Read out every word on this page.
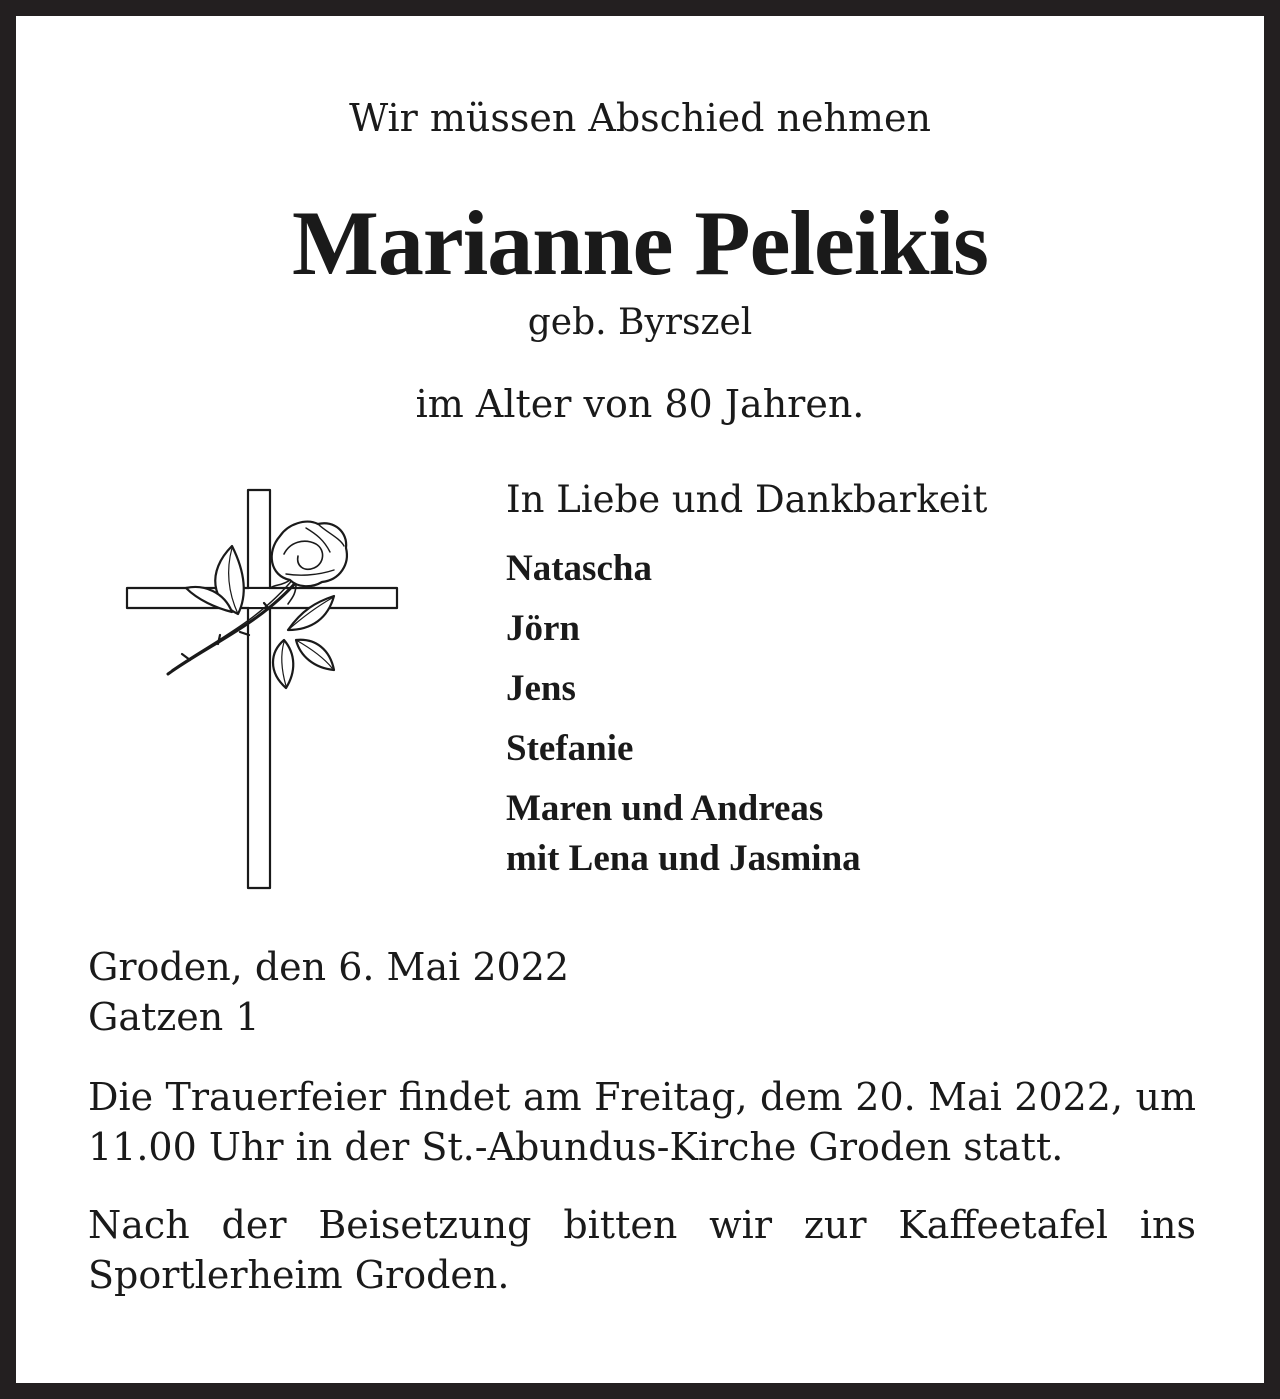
Wir müssen Abschied nehmen
Marianne Peleikis
geb. Byrszel
im Alter von 80 Jahren.
In Liebe und Dankbarkeit
Natascha
Jörn
Jens
Stefanie
Maren und Andreas
mit Lena und Jasmina
Groden, den 6. Mai 2022
Gatzen 1
Die Trauerfeier findet am Freitag, dem 20. Mai 2022, um 11.00 Uhr in der St.-Abundus-Kirche Groden statt.
Nach der Beisetzung bitten wir zur Kaffeetafel ins Sportlerheim Groden.
